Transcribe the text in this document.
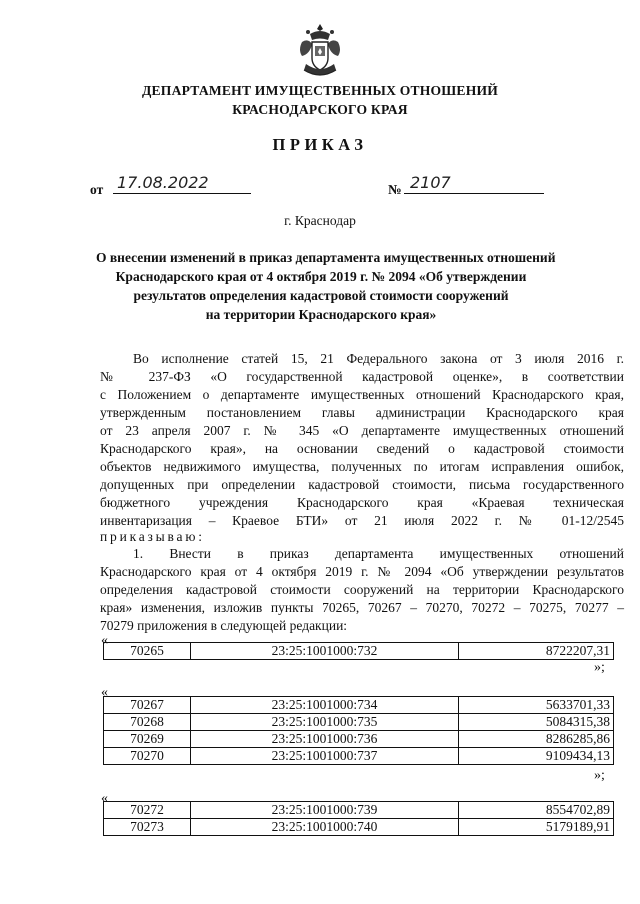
ДЕПАРТАМЕНТ ИМУЩЕСТВЕННЫХ ОТНОШЕНИЙ
КРАСНОДАРСКОГО КРАЯ
ПРИКАЗ
от 17.08.2022	№ 2107
г. Краснодар
О внесении изменений в приказ департамента имущественных отношений
Краснодарского края от 4 октября 2019 г. № 2094 «Об утверждении
результатов определения кадастровой стоимости сооружений
на территории Краснодарского края»
Во исполнение статей 15, 21 Федерального закона от 3 июля 2016 г.
№ 237-ФЗ «О государственной кадастровой оценке», в соответствии
с Положением о департаменте имущественных отношений Краснодарского края,
утвержденным постановлением главы администрации Краснодарского края
от 23 апреля 2007 г. № 345 «О департаменте имущественных отношений
Краснодарского края», на основании сведений о кадастровой стоимости
объектов недвижимого имущества, полученных по итогам исправления ошибок,
допущенных при определении кадастровой стоимости, письма государственного
бюджетного учреждения Краснодарского края «Краевая техническая
инвентаризация – Краевое БТИ» от 21 июля 2022 г. № 01-12/2545
приказываю:
1. Внести в приказ департамента имущественных отношений
Краснодарского края от 4 октября 2019 г. № 2094 «Об утверждении результатов
определения кадастровой стоимости сооружений на территории Краснодарского
края» изменения, изложив пункты 70265, 70267 – 70270, 70272 – 70275, 70277 –
70279 приложения в следующей редакции:
«
70265	23:25:1001000:732	8722207,31
»;
«
70267	23:25:1001000:734	5633701,33
70268	23:25:1001000:735	5084315,38
70269	23:25:1001000:736	8286285,86
70270	23:25:1001000:737	9109434,13
»;
«
70272	23:25:1001000:739	8554702,89
70273	23:25:1001000:740	5179189,91
